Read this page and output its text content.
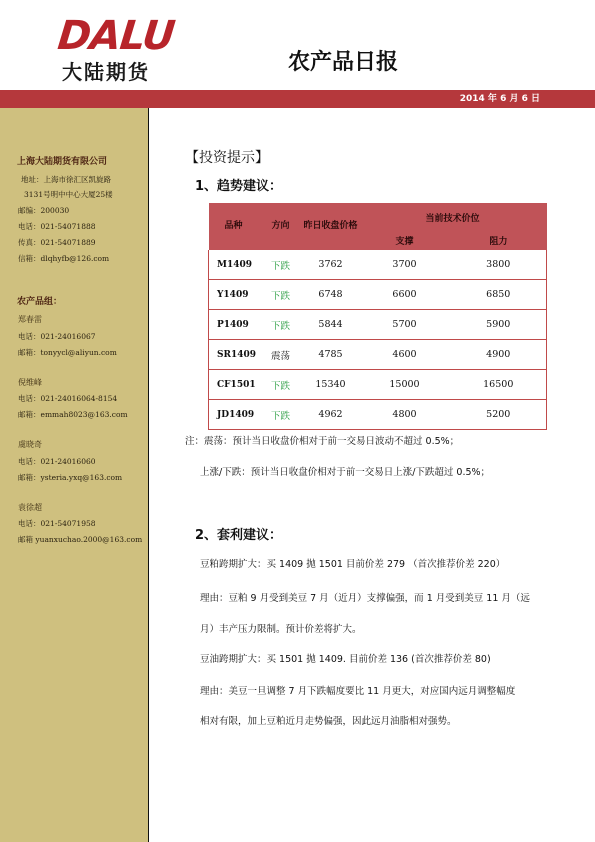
DALU
大陆期货	农产品日报
2014 年 6 月 6 日
上海大陆期货有限公司
地址：上海市徐汇区凯旋路
3131号明中中心大厦25楼
邮编：200030
电话：021-54071888
传真：021-54071889
信箱：dlqhyfb@126.com
农产品组：
郑春雷
电话：021-24016067
邮箱：tonyycl@aliyun.com
倪维峰
电话：021-24016064-8154
邮箱：emmah8023@163.com
虞晓奇
电话：021-24016060
邮箱：ysteria.yxq@163.com
袁徐超
电话：021-54071958
邮箱 yuanxuchao.2000@163.com
【投资提示】
1、趋势建议：
品种	方向	昨日收盘价格	当前技术价位	
			支撑	阻力
M1409	下跌	3762	3700	3800
Y1409	下跌	6748	6600	6850
P1409	下跌	5844	5700	5900
SR1409	震荡	4785	4600	4900
CF1501	下跌	15340	15000	16500
JD1409	下跌	4962	4800	5200
注：震荡：预计当日收盘价相对于前一交易日波动不超过 0.5%；
上涨/下跌：预计当日收盘价相对于前一交易日上涨/下跌超过 0.5%；
2、套利建议：
豆粕跨期扩大：买 1409 抛 1501 目前价差 279 （首次推荐价差 220）
理由：豆粕 9 月受到美豆 7 月（近月）支撑偏强，而 1 月受到美豆 11 月（远
月）丰产压力限制。预计价差将扩大。
豆油跨期扩大：买 1501 抛 1409. 目前价差 136 (首次推荐价差 80)
理由：美豆一旦调整 7 月下跌幅度要比 11 月更大，对应国内远月调整幅度
相对有限，加上豆粕近月走势偏强，因此远月油脂相对强势。
